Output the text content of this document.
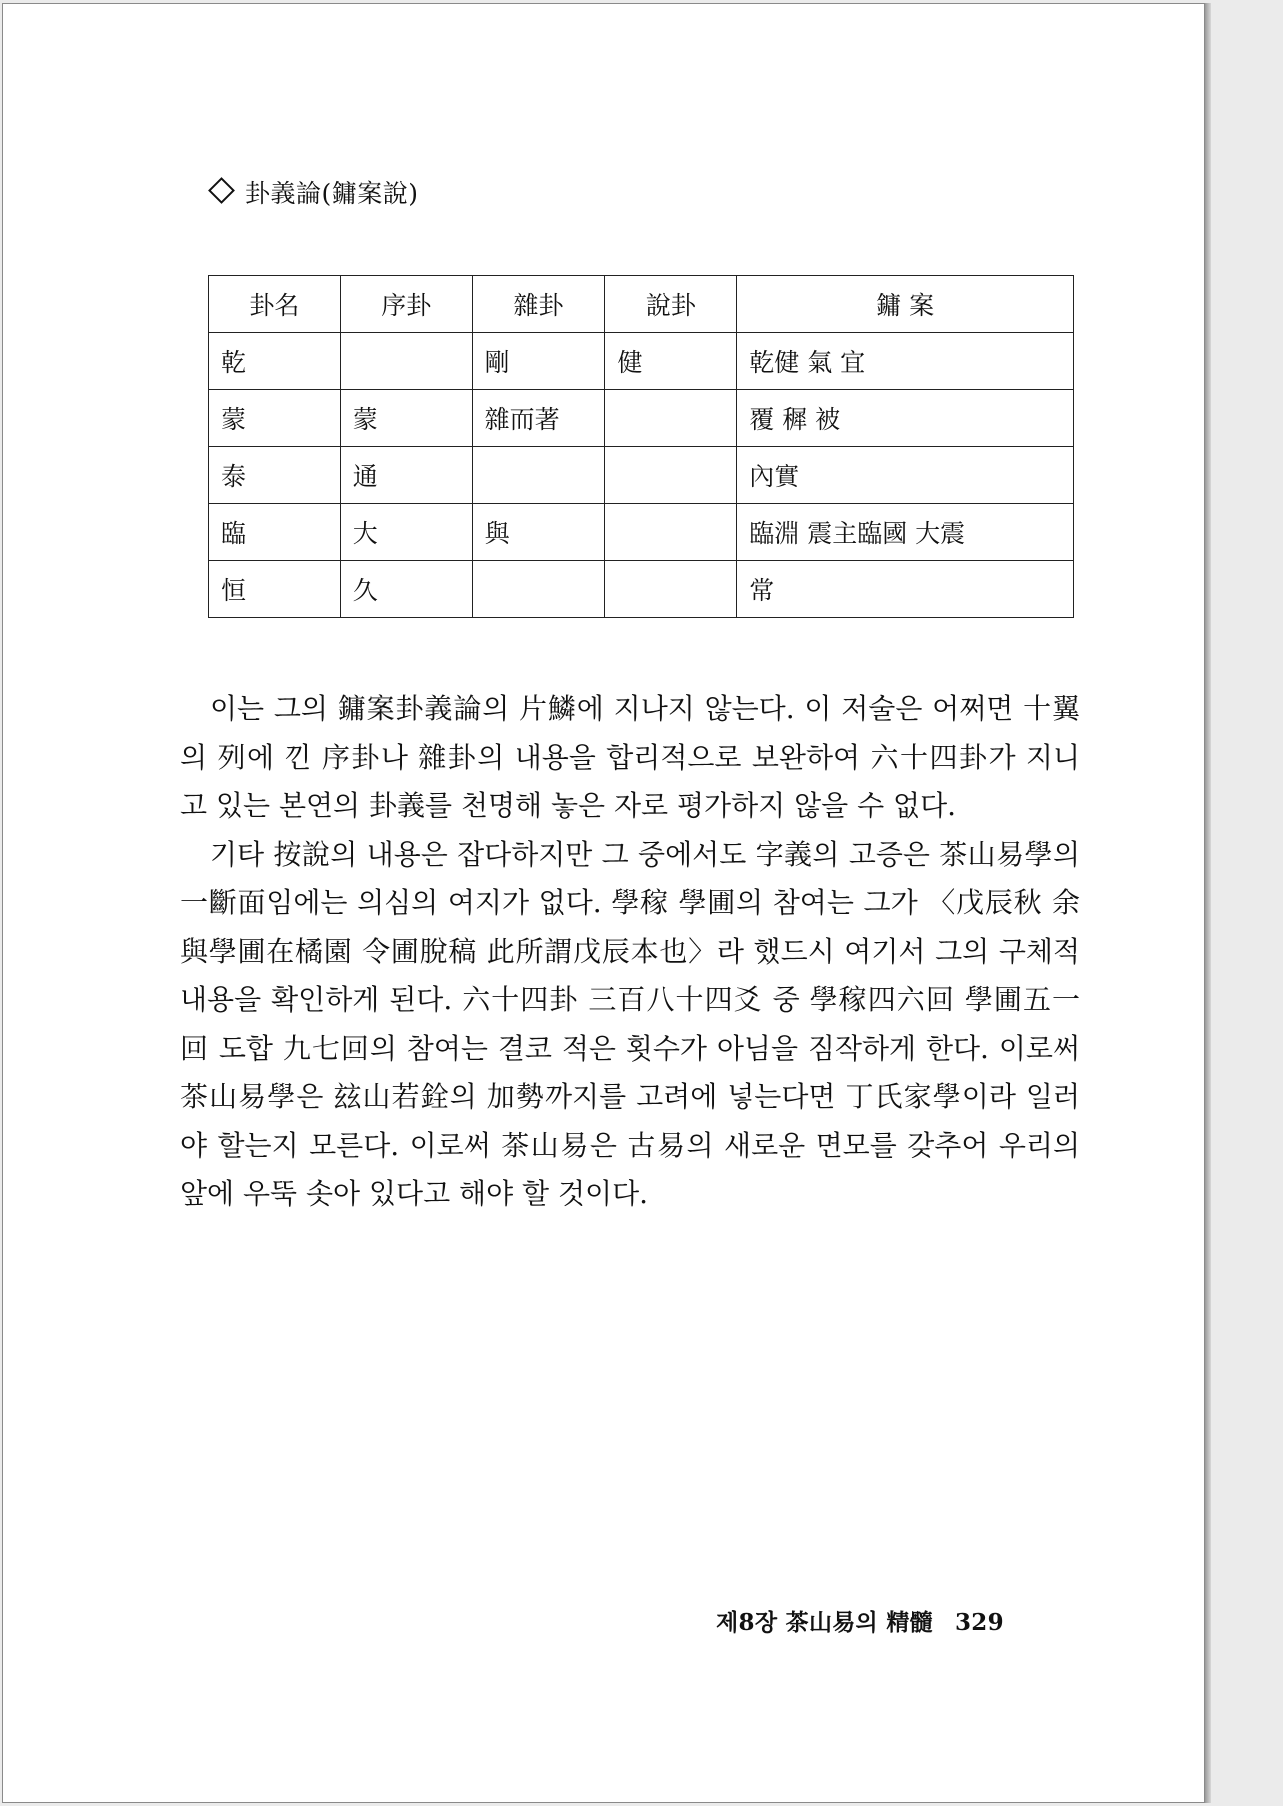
卦義論(鏞案說)
卦名	序卦	雜卦	說卦	鏞 案
乾		剛	健	乾健 氣 宜
蒙	蒙	雜而著		覆 穉 被
泰	通			內實
臨	大	與		臨淵 震主臨國 大震
恒	久			常

이는 그의 鏞案卦義論의 片鱗에 지나지 않는다. 이 저술은 어쩌면 十翼의 列에 낀 序卦나 雜卦의 내용을 합리적으로 보완하여 六十四卦가 지니고 있는 본연의 卦義를 천명해 놓은 자로 평가하지 않을 수 없다.

기타 按說의 내용은 잡다하지만 그 중에서도 字義의 고증은 茶山易學의 一斷面임에는 의심의 여지가 없다. 學稼 學圃의 참여는 그가 〈戊辰秋 余與學圃在橘園 令圃脫稿 此所謂戊辰本也〉라 했드시 여기서 그의 구체적 내용을 확인하게 된다. 六十四卦 三百八十四爻 중 學稼四六回 學圃五一回 도합 九七回의 참여는 결코 적은 횟수가 아님을 짐작하게 한다. 이로써 茶山易學은 玆山若銓의 加勢까지를 고려에 넣는다면 丁氏家學이라 일러야 할는지 모른다. 이로써 茶山易은 古易의 새로운 면모를 갖추어 우리의 앞에 우뚝 솟아 있다고 해야 할 것이다.

제8장 茶山易의 精髓 329
